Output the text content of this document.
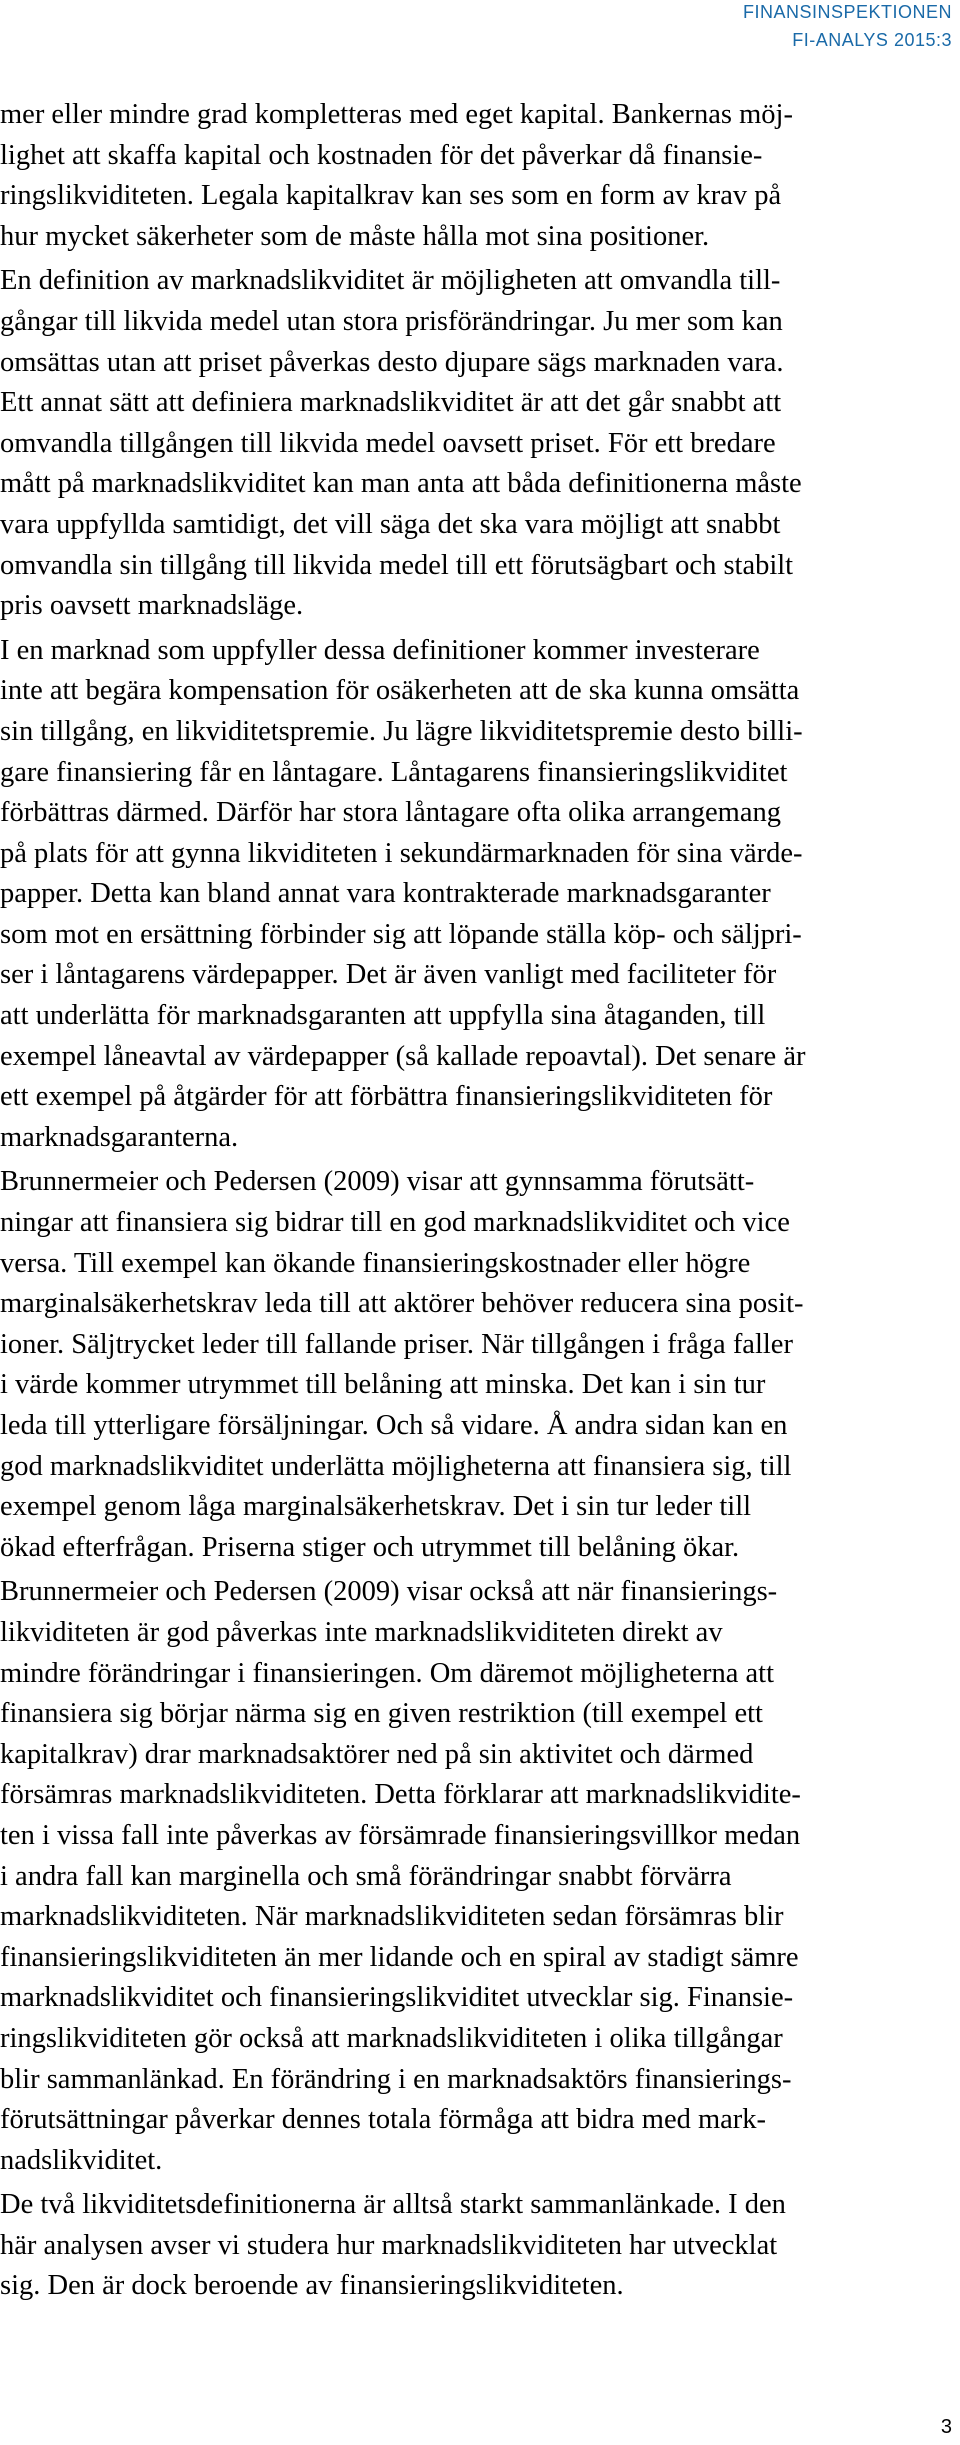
FINANSINSPEKTIONEN
FI-ANALYS 2015:3

mer eller mindre grad kompletteras med eget kapital. Bankernas möj-
lighet att skaffa kapital och kostnaden för det påverkar då finansie-
ringslikviditeten. Legala kapitalkrav kan ses som en form av krav på
hur mycket säkerheter som de måste hålla mot sina positioner.

En definition av marknadslikviditet är möjligheten att omvandla till-
gångar till likvida medel utan stora prisförändringar. Ju mer som kan
omsättas utan att priset påverkas desto djupare sägs marknaden vara.
Ett annat sätt att definiera marknadslikviditet är att det går snabbt att
omvandla tillgången till likvida medel oavsett priset. För ett bredare
mått på marknadslikviditet kan man anta att båda definitionerna måste
vara uppfyllda samtidigt, det vill säga det ska vara möjligt att snabbt
omvandla sin tillgång till likvida medel till ett förutsägbart och stabilt
pris oavsett marknadsläge.

I en marknad som uppfyller dessa definitioner kommer investerare
inte att begära kompensation för osäkerheten att de ska kunna omsätta
sin tillgång, en likviditetspremie. Ju lägre likviditetspremie desto billi-
gare finansiering får en låntagare. Låntagarens finansieringslikviditet
förbättras därmed. Därför har stora låntagare ofta olika arrangemang
på plats för att gynna likviditeten i sekundärmarknaden för sina värde-
papper. Detta kan bland annat vara kontrakterade marknadsgaranter
som mot en ersättning förbinder sig att löpande ställa köp- och säljpri-
ser i låntagarens värdepapper. Det är även vanligt med faciliteter för
att underlätta för marknadsgaranten att uppfylla sina åtaganden, till
exempel låneavtal av värdepapper (så kallade repoavtal). Det senare är
ett exempel på åtgärder för att förbättra finansieringslikviditeten för
marknadsgaranterna.

Brunnermeier och Pedersen (2009) visar att gynnsamma förutsätt-
ningar att finansiera sig bidrar till en god marknadslikviditet och vice
versa. Till exempel kan ökande finansieringskostnader eller högre
marginalsäkerhetskrav leda till att aktörer behöver reducera sina posit-
ioner. Säljtrycket leder till fallande priser. När tillgången i fråga faller
i värde kommer utrymmet till belåning att minska. Det kan i sin tur
leda till ytterligare försäljningar. Och så vidare. Å andra sidan kan en
god marknadslikviditet underlätta möjligheterna att finansiera sig, till
exempel genom låga marginalsäkerhetskrav. Det i sin tur leder till
ökad efterfrågan. Priserna stiger och utrymmet till belåning ökar.

Brunnermeier och Pedersen (2009) visar också att när finansierings-
likviditeten är god påverkas inte marknadslikviditeten direkt av
mindre förändringar i finansieringen. Om däremot möjligheterna att
finansiera sig börjar närma sig en given restriktion (till exempel ett
kapitalkrav) drar marknadsaktörer ned på sin aktivitet och därmed
försämras marknadslikviditeten. Detta förklarar att marknadslikvidite-
ten i vissa fall inte påverkas av försämrade finansieringsvillkor medan
i andra fall kan marginella och små förändringar snabbt förvärra
marknadslikviditeten. När marknadslikviditeten sedan försämras blir
finansieringslikviditeten än mer lidande och en spiral av stadigt sämre
marknadslikviditet och finansieringslikviditet utvecklar sig. Finansie-
ringslikviditeten gör också att marknadslikviditeten i olika tillgångar
blir sammanlänkad. En förändring i en marknadsaktörs finansierings-
förutsättningar påverkar dennes totala förmåga att bidra med mark-
nadslikviditet.

De två likviditetsdefinitionerna är alltså starkt sammanlänkade. I den
här analysen avser vi studera hur marknadslikviditeten har utvecklat
sig. Den är dock beroende av finansieringslikviditeten.

3
